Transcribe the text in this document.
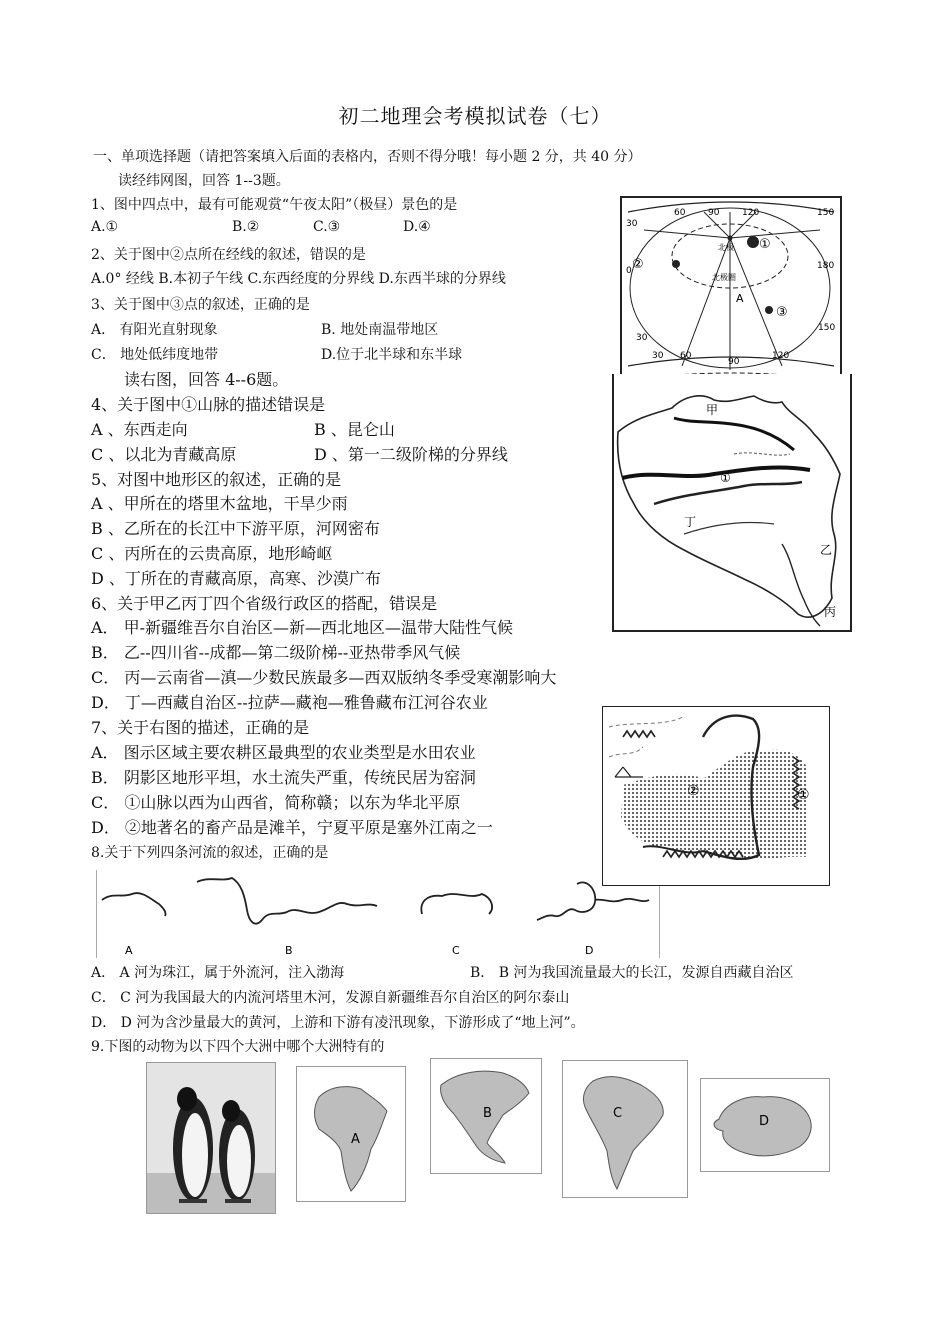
初二地理会考模拟试卷（七）
一、单项选择题（请把答案填入后面的表格内，否则不得分哦！每小题 2 分，共 40 分）
读经纬网图，回答 1--3题。
1、图中四点中，最有可能观赏“午夜太阳”（极昼）景色的是
A.①	B.②	C.③	D.④
2、关于图中②点所在经线的叙述，错误的是
A.0° 经线 B.本初子午线 C.东西经度的分界线 D.东西半球的分界线
3、关于图中③点的叙述，正确的是
A． 有阳光直射现象	B. 地处南温带地区
C． 地处低纬度地带	D.位于北半球和东半球
读右图，回答 4--6题。
4、关于图中①山脉的描述错误是
A 、东西走向	B 、昆仑山
C 、以北为青藏高原	D 、第一二级阶梯的分界线
5、对图中地形区的叙述，正确的是
A 、甲所在的塔里木盆地，干旱少雨
B 、乙所在的长江中下游平原，河网密布
C 、丙所在的云贵高原，地形崎岖
D 、丁所在的青藏高原，高寒、沙漠广布
6、关于甲乙丙丁四个省级行政区的搭配，错误是
A． 甲-新疆维吾尔自治区—新—西北地区—温带大陆性气候
B． 乙--四川省--成都—第二级阶梯--亚热带季风气候
C． 丙—云南省—滇—少数民族最多—西双版纳冬季受寒潮影响大
D． 丁—西藏自治区--拉萨—藏袍—雅鲁藏布江河谷农业
7、关于右图的描述，正确的是
A． 图示区域主要农耕区最典型的农业类型是水田农业
B． 阴影区地形平坦，水土流失严重，传统民居为窑洞
C． ①山脉以西为山西省，简称赣；以东为华北平原
D． ②地著名的畜产品是滩羊，宁夏平原是塞外江南之一
8.关于下列四条河流的叙述，正确的是
A	B	C	D
A． A 河为珠江，属于外流河，注入渤海	B． B 河为我国流量最大的长江，发源自西藏自治区
C． C 河为我国最大的内流河塔里木河，发源自新疆维吾尔自治区的阿尔泰山
D． D 河为含沙量最大的黄河，上游和下游有凌汛现象，下游形成了“地上河”。
9.下图的动物为以下四个大洲中哪个大洲特有的
30
60	90	120	150
180
0
30
150
30 60
90
120
北极
北极圈
A
①
②
③
甲
乙
丙
丁
①
①
②
A
B	C
D
